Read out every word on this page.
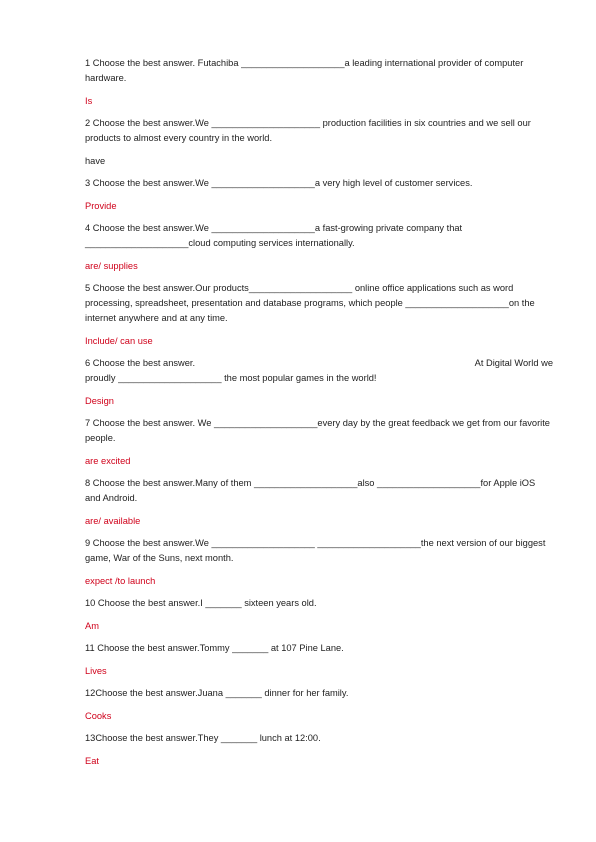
1 Choose the best answer. Futachiba ____________________a leading international provider of computer hardware.

Is

2 Choose the best answer.We _____________________ production facilities in six countries and we sell our products to almost every country in the world.

have

3 Choose the best answer.We ____________________a very high level of customer services.

Provide

4 Choose the best answer.We ____________________a fast-growing private company that ____________________cloud computing services internationally.

are/ supplies

5 Choose the best answer.Our products____________________ online office applications such as word processing, spreadsheet, presentation and database programs, which people ____________________on the internet anywhere and at any time.

Include/ can use

6 Choose the best answer.	At Digital World we
proudly ____________________ the most popular games in the world!

Design

7 Choose the best answer. We ____________________every day by the great feedback we get from our favorite people.

are excited

8 Choose the best answer.Many of them ____________________also ____________________for Apple iOS and Android.

are/ available

9 Choose the best answer.We ____________________ ____________________the next version of our biggest game, War of the Suns, next month.

expect /to launch

10 Choose the best answer.I _______ sixteen years old.

Am

11 Choose the best answer.Tommy _______ at 107 Pine Lane.

Lives

12Choose the best answer.Juana _______ dinner for her family.

Cooks

13Choose the best answer.They _______ lunch at 12:00.

Eat
